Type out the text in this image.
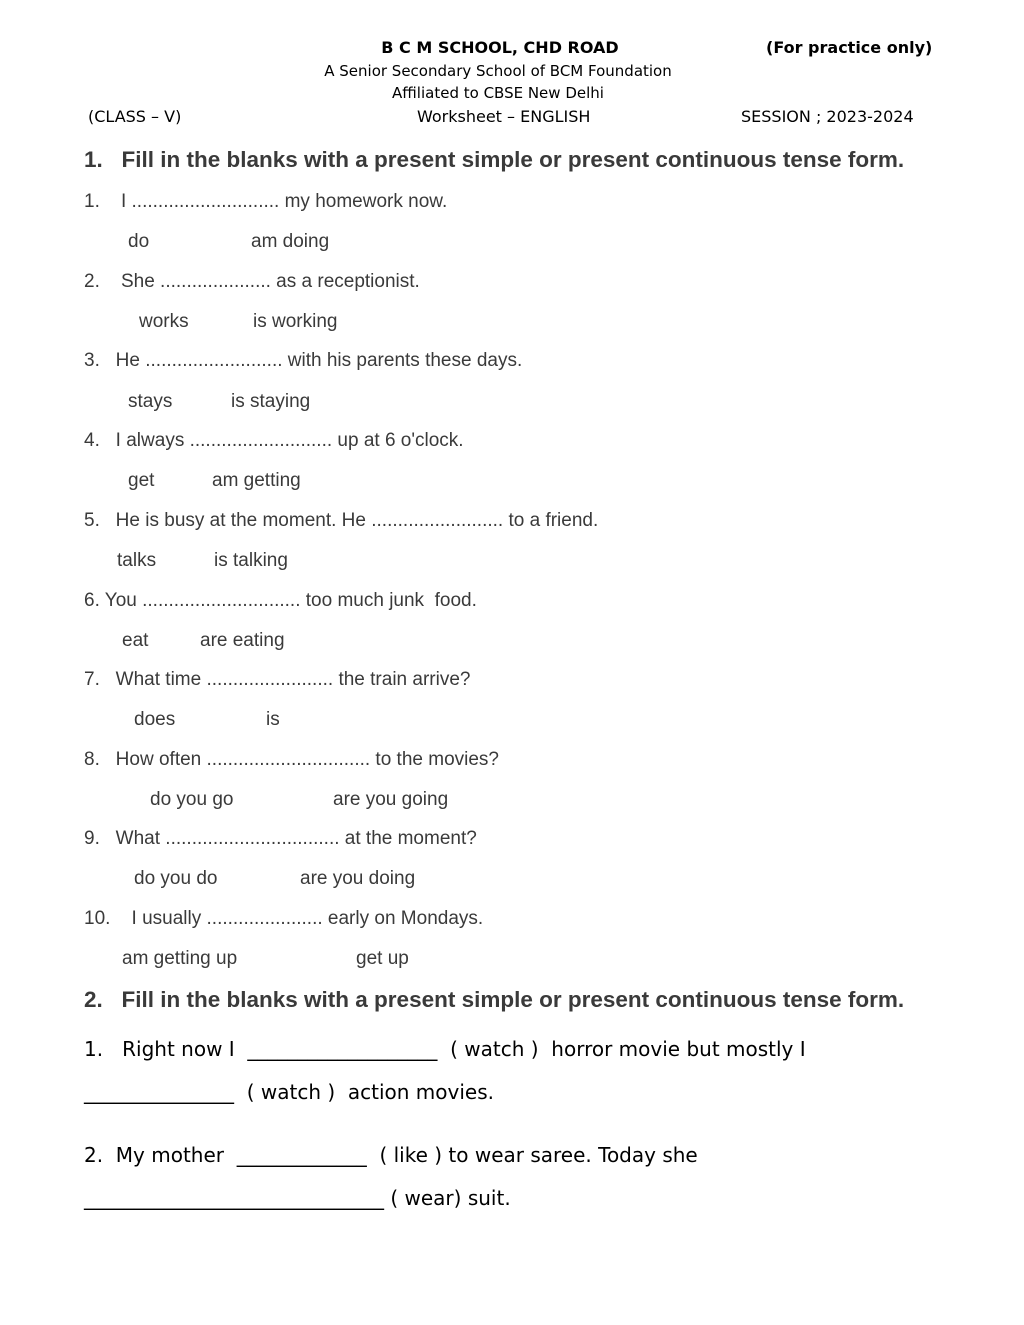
B C M SCHOOL, CHD ROAD	(For practice only)
A Senior Secondary School of BCM Foundation
Affiliated to CBSE New Delhi
(CLASS – V)	Worksheet – ENGLISH	SESSION ; 2023-2024
1.   Fill in the blanks with a present simple or present continuous tense form.
1.    I ............................ my homework now.
do	am doing
2.    She ..................... as a receptionist.
works	is working
3.   He .......................... with his parents these days.
stays	is staying
4.   I always ........................... up at 6 o'clock.
get	am getting
5.   He is busy at the moment. He ......................... to a friend.
talks	is talking
6. You .............................. too much junk  food.
eat	are eating
7.   What time ........................ the train arrive?
does	is
8.   How often ............................... to the movies?
do you go	are you going
9.   What ................................. at the moment?
do you do	are you doing
10.    I usually ...................... early on Mondays.
am getting up	get up
2.   Fill in the blanks with a present simple or present continuous tense form.
1.   Right now I  ___________________  ( watch )  horror movie but mostly I
_______________  ( watch )  action movies.
2.  My mother  _____________  ( like ) to wear saree. Today she
______________________________ ( wear) suit.
